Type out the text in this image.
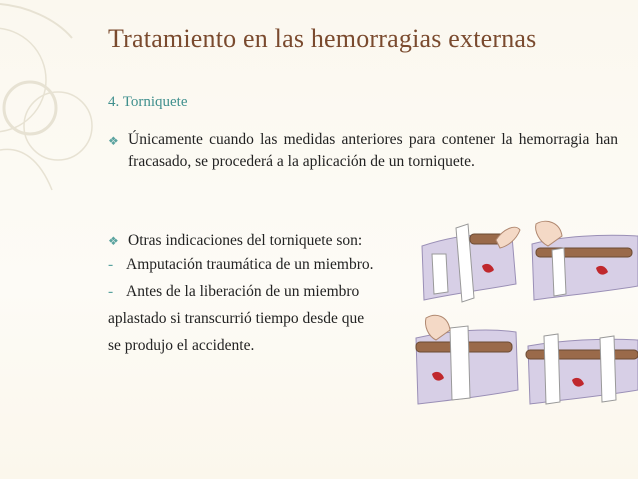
Tratamiento en las hemorragias externas
4. Torniquete
❖ Únicamente cuando las medidas anteriores para contener la hemorragia han fracasado, se procederá a la aplicación de un torniquete.
❖ Otras indicaciones del torniquete son:
- Amputación traumática de un miembro.
- Antes de la liberación de un miembro
aplastado si transcurrió tiempo desde que
se produjo el accidente.
